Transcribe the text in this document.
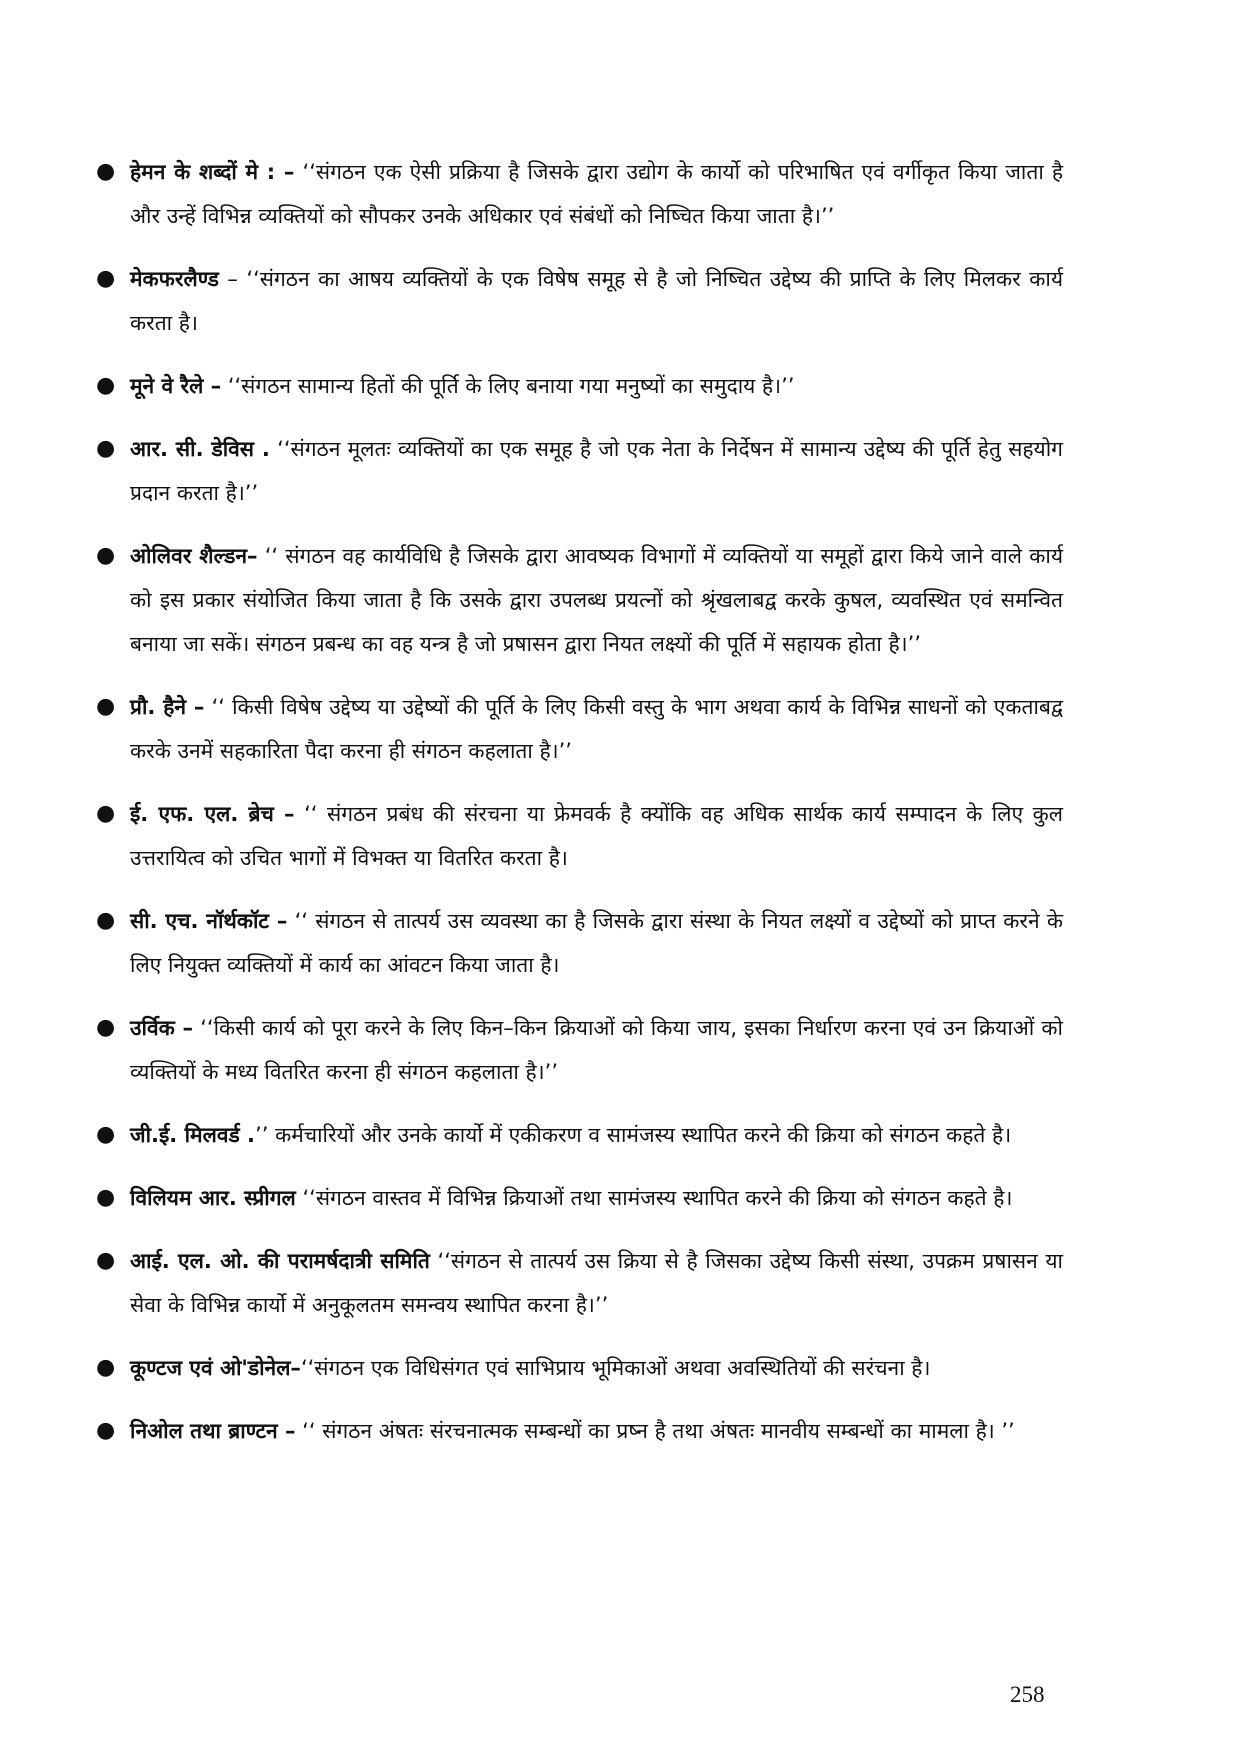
● हेमन के शब्दों मे : – ‘‘संगठन एक ऐसी प्रक्रिया है जिसके द्वारा उद्योग के कार्यो को परिभाषित एवं वर्गीकृत किया जाता है और उन्हें विभिन्न व्यक्तियों को सौपकर उनके अधिकार एवं संबंधों को निष्चित किया जाता है।’’
● मेकफरलैण्ड – ‘‘संगठन का आषय व्यक्तियों के एक विषेष समूह से है जो निष्चित उद्देष्य की प्राप्ति के लिए मिलकर कार्य करता है।
● मूने वे रैले – ‘‘संगठन सामान्य हितों की पूर्ति के लिए बनाया गया मनुष्यों का समुदाय है।’’
● आर. सी. डेविस . ‘‘संगठन मूलतः व्यक्तियों का एक समूह है जो एक नेता के निर्देषन में सामान्य उद्देष्य की पूर्ति हेतु सहयोग प्रदान करता है।’’
● ओलिवर शैल्डन– ‘‘ संगठन वह कार्यविधि है जिसके द्वारा आवष्यक विभागों में व्यक्तियों या समूहों द्वारा किये जाने वाले कार्य को इस प्रकार संयोजित किया जाता है कि उसके द्वारा उपलब्ध प्रयत्नों को श्रृंखलाबद्व करके कुषल, व्यवस्थित एवं समन्वित बनाया जा सकें। संगठन प्रबन्ध का वह यन्त्र है जो प्रषासन द्वारा नियत लक्ष्यों की पूर्ति में सहायक होता है।’’
● प्रौ. हैने – ‘‘ किसी विषेष उद्देष्य या उद्देष्यों की पूर्ति के लिए किसी वस्तु के भाग अथवा कार्य के विभिन्न साधनों को एकताबद्व करके उनमें सहकारिता पैदा करना ही संगठन कहलाता है।’’
● ई. एफ. एल. ब्रेच – ‘‘ संगठन प्रबंध की संरचना या फ्रेमवर्क है क्योंकि वह अधिक सार्थक कार्य सम्पादन के लिए कुल उत्तरायित्व को उचित भागों में विभक्त या वितरित करता है।
● सी. एच. नॉर्थकॉट – ‘‘ संगठन से तात्पर्य उस व्यवस्था का है जिसके द्वारा संस्था के नियत लक्ष्यों व उद्देष्यों को प्राप्त करने के लिए नियुक्त व्यक्तियों में कार्य का आंवटन किया जाता है।
● उर्विक – ‘‘किसी कार्य को पूरा करने के लिए किन–किन क्रियाओं को किया जाय, इसका निर्धारण करना एवं उन क्रियाओं को व्यक्तियों के मध्य वितरित करना ही संगठन कहलाता है।’’
● जी.ई. मिलवर्ड .’’ कर्मचारियों और उनके कार्यो में एकीकरण व सामंजस्य स्थापित करने की क्रिया को संगठन कहते है।
● विलियम आर. स्प्रीगल ‘‘संगठन वास्तव में विभिन्न क्रियाओं तथा सामंजस्य स्थापित करने की क्रिया को संगठन कहते है।
● आई. एल. ओ. की परामर्षदात्री समिति ‘‘संगठन से तात्पर्य उस क्रिया से है जिसका उद्देष्य किसी संस्था, उपक्रम प्रषासन या सेवा के विभिन्न कार्यो में अनुकूलतम समन्वय स्थापित करना है।’’
● कूण्टज एवं ओ'डोनेल–‘‘संगठन एक विधिसंगत एवं साभिप्राय भूमिकाओं अथवा अवस्थितियों की सरंचना है।
● निओल तथा ब्राण्टन – ‘‘ संगठन अंषतः संरचनात्मक सम्बन्धों का प्रष्न है तथा अंषतः मानवीय सम्बन्धों का मामला है। ’’
258
